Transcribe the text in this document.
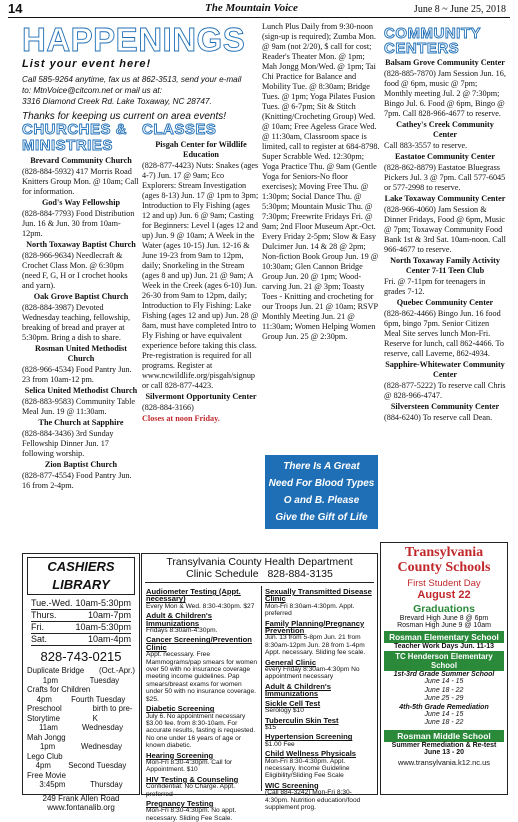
14	The Mountain Voice	June 8 ~ June 25, 2018
HAPPENINGS
List your event here!
Call 585-9264 anytime, fax us at 862-3513, send your e-mail
to: MtnVoice@citcom.net or mail us at:
3316 Diamond Creek Rd. Lake Toxaway, NC 28747.
Thanks for keeping us current on area events!
CHURCHES & MINISTRIES

Brevard Community Church

(828-884-5932) 417 Morris Road Knitters Group Mon. @ 10am; Call for information.

God's Way Fellowship

(828-884-7793) Food Distribution Jun. 16 & Jun. 30 from 10am-12pm.

North Toxaway Baptist Church

(828-966-9634) Needlecraft & Crochet Class Mon. @ 6:30pm (need F, G, H or I crochet hooks and yarn).

Oak Grove Baptist Church

(828-884-3987) Devoted Wednesday teaching, fellowship, breaking of bread and prayer at 5:30pm. Bring a dish to share.

Rosman United Methodist Church

(828-966-4534) Food Pantry Jun. 23 from 10am-12 pm.

Selica United Methodist Church

(828-883-9583) Community Table Meal Jun. 19 @ 11:30am.

The Church at Sapphire

(828-884-3436) 3rd Sunday Fellowship Dinner Jun. 17 following worship.

Zion Baptist Church

(828-877-4554) Food Pantry Jun. 16 from 2-4pm.

CLASSES

Pisgah Center for Wildlife Education

(828-877-4423) Nuts: Snakes (ages 4-7) Jun. 17 @ 9am; Eco Explorers: Stream Investigation (ages 8-13) Jun. 17 @ 1pm to 3pm; Introduction to Fly Fishing (ages 12 and up) Jun. 6 @ 9am; Casting for Beginners: Level I (ages 12 and up) Jun. 9 @ 10am; A Week in the Water (ages 10-15) Jun. 12-16 & June 19-23 from 9am to 12pm, daily; Snorkeling in the Stream (ages 8 and up) Jun. 21 @ 9am; A Week in the Creek (ages 6-10) Jun. 26-30 from 9am to 12pm, daily; Introduction to Fly Fishing: Lake Fishing (ages 12 and up) Jun. 28 @ 8am, must have completed Intro to Fly Fishing or have equivalent experience before taking this class. Pre-registration is required for all programs. Register at www.ncwildlife.org/pisgah/signup or call 828-877-4423.

Silvermont Opportunity Center

(828-884-3166)

Closes at noon Friday.

Lunch Plus Daily from 9:30-noon (sign-up is required); Zumba Mon. @ 9am (not 2/20), $ call for cost; Reader's Theater Mon. @ 1pm; Mah Jongg Mon/Wed. @ 1pm; Tai Chi Practice for Balance and Mobility Tue. @ 8:30am; Bridge Tues. @ 1pm; Yoga Pilates Fusion Tues. @ 6-7pm; Sit & Stitch (Knitting/Crocheting Group) Wed. @ 10am; Free Ageless Grace Wed. @ 11:30am, Classroom space is limited, call to register at 684-8798. Super Scrabble Wed. 12:30pm; Yoga Practice Thu. @ 9am (Gentle Yoga for Seniors-No floor exercises); Moving Free Thu. @ 1:30pm; Social Dance Thu. @ 5:30pm; Mountain Music Thu. @ 7:30pm; Freewrite Fridays Fri. @ 9am; 2nd Floor Museum Apr.-Oct. Every Friday 2-5pm; Slow & Easy Dulcimer Jun. 14 & 28 @ 2pm; Non-fiction Book Group Jun. 19 @ 10:30am; Glen Cannon Bridge Group Jun. 20 @ 1pm; Wood-carving Jun. 21 @ 3pm; Toasty Toes - Knitting and crocheting for our Troops Jun. 21 @ 10am; RSVP Monthly Meeting Jun. 21 @ 11:30am; Women Helping Women Group Jun. 25 @ 2:30pm.

There Is A Great
Need For Blood Types
O and B. Please
Give the Gift of Life
COMMUNITY CENTERS

Balsam Grove Community Center

(828-885-7870) Jam Session Jun. 16, food @ 6pm, music @ 7pm; Monthly meeting Jul. 2 @ 7:30pm; Bingo Jul. 6. Food @ 6pm, Bingo @ 7pm. Call 828-966-4677 to reserve.

Cathey's Creek Community Center

Call 883-3557 to reserve.

Eastatoe Community Center

(828-862-8879) Eastatoe Bluegrass Pickers Jul. 3 @ 7pm. Call 577-6045 or 577-2998 to reserve.

Lake Toxaway Community Center

(828-966-4060) Jam Session & Dinner Fridays, Food @ 6pm, Music @ 7pm; Toxaway Community Food Bank 1st & 3rd Sat. 10am-noon. Call 966-4677 to reserve.

North Toxaway Family Activity Center 7-11 Teen Club

Fri. @ 7-11pm for teenagers in grades 7-12.

Quebec Community Center

(828-862-4466) Bingo Jun. 16 food 6pm, bingo 7pm. Senior Citizen Meal Site serves lunch Mon-Fri. Reserve for lunch, call 862-4466. To reserve, call Laverne, 862-4934.

Sapphire-Whitewater Community Center

(828-877-5222) To reserve call Chris @ 828-966-4747.

Silversteen Community Center

(884-6240) To reserve call Dean.

CASHIERS LIBRARY
Tue.-Wed. 10am-5:30pm
Thurs.	10am-7pm
Fri.	10am-5:30pm
Sat.	10am-4pm
828-743-0215
Duplicate Bridge (Oct.-Apr.)
1pm	Tuesday
Crafts for Children
4pm Fourth Tuesday
Preschool Storytime
birth to pre-K
11am	Wednesday
Mah Jongg
1pm	Wednesday
Lego Club
4pm Second Tuesday
Free Movie
3:45pm	Thursday
249 Frank Allen Road
www.fontanalib.org
Transylvania County Health Department
Clinic Schedule 828-884-3135
Audiometer Testing (Appt. necessary)
Every Mon & Wed. 8:30-4:30pm. $27
Adult & Children's Immunizations
Fridays 8:30am-4:30pm.
Cancer Screening/Prevention Clinic
Appt. necessary. Free Mammograms/pap smears for women over 50 with no insurance coverage meeting income guidelines. Pap smears/breast exams for women under 50 with no insurance coverage. $25.
Diabetic Screening
July 6. No appointment necessary $3.00 fee. from 8:30-10am. For accurate results, fasting is requested. No one under 16 years of age or known diabetic.
Hearing Screening
Mon-Fri 8:30-4:30pm. Call for Appointment. $10
HIV Testing & Counseling
Confidential. No Charge. Appt. preferred
Pregnancy Testing
Mon-Fri 8:30-4:30pm. No appt. necessary. Sliding Fee Scale.
Sexually Transmitted Disease Clinic
Mon-Fri 8:30am-4:30pm. Appt. preferred
Family Planning/Pregnancy Prevention
Jun. 13 from 5-8pm Jun. 21 from 8:30am-12pm Jun. 28 from 1-4pm Appt. necessary. Sliding fee scale.
General Clinic
every Friday 8:30am-4:30pm No appointment necessary
Adult & Children's Immunizations
Sickle Cell Test
Serology $10
Tuberculin Skin Test
$15
Hypertension Screening
$1.00 Fee
Child Wellness Physicals
Mon-Fri 8:30-4:30pm. Appt. necessary. Income Guideline Eligibility/Sliding Fee Scale
WIC Screening
(Call 884-3242) Mon-Fri 8:30-4:30pm. Nutrition education/food supplement prog.
Transylvania
County Schools
First Student Day
August 22
Graduations
Brevard High June 8 @ 6pm
Rosman High June 9 @ 10am
Rosman Elementary School
Teacher Work Days Jun. 11-13
TC Henderson Elementary School
1st-3rd Grade Summer School
June 14 - 15
June 18 - 22
June 25 - 29
4th-5th Grade Remediation
June 14 - 15
June 18 - 22
Rosman Middle School
Summer Remediation & Re-test
June 13 - 20
www.transylvania.k12.nc.us
